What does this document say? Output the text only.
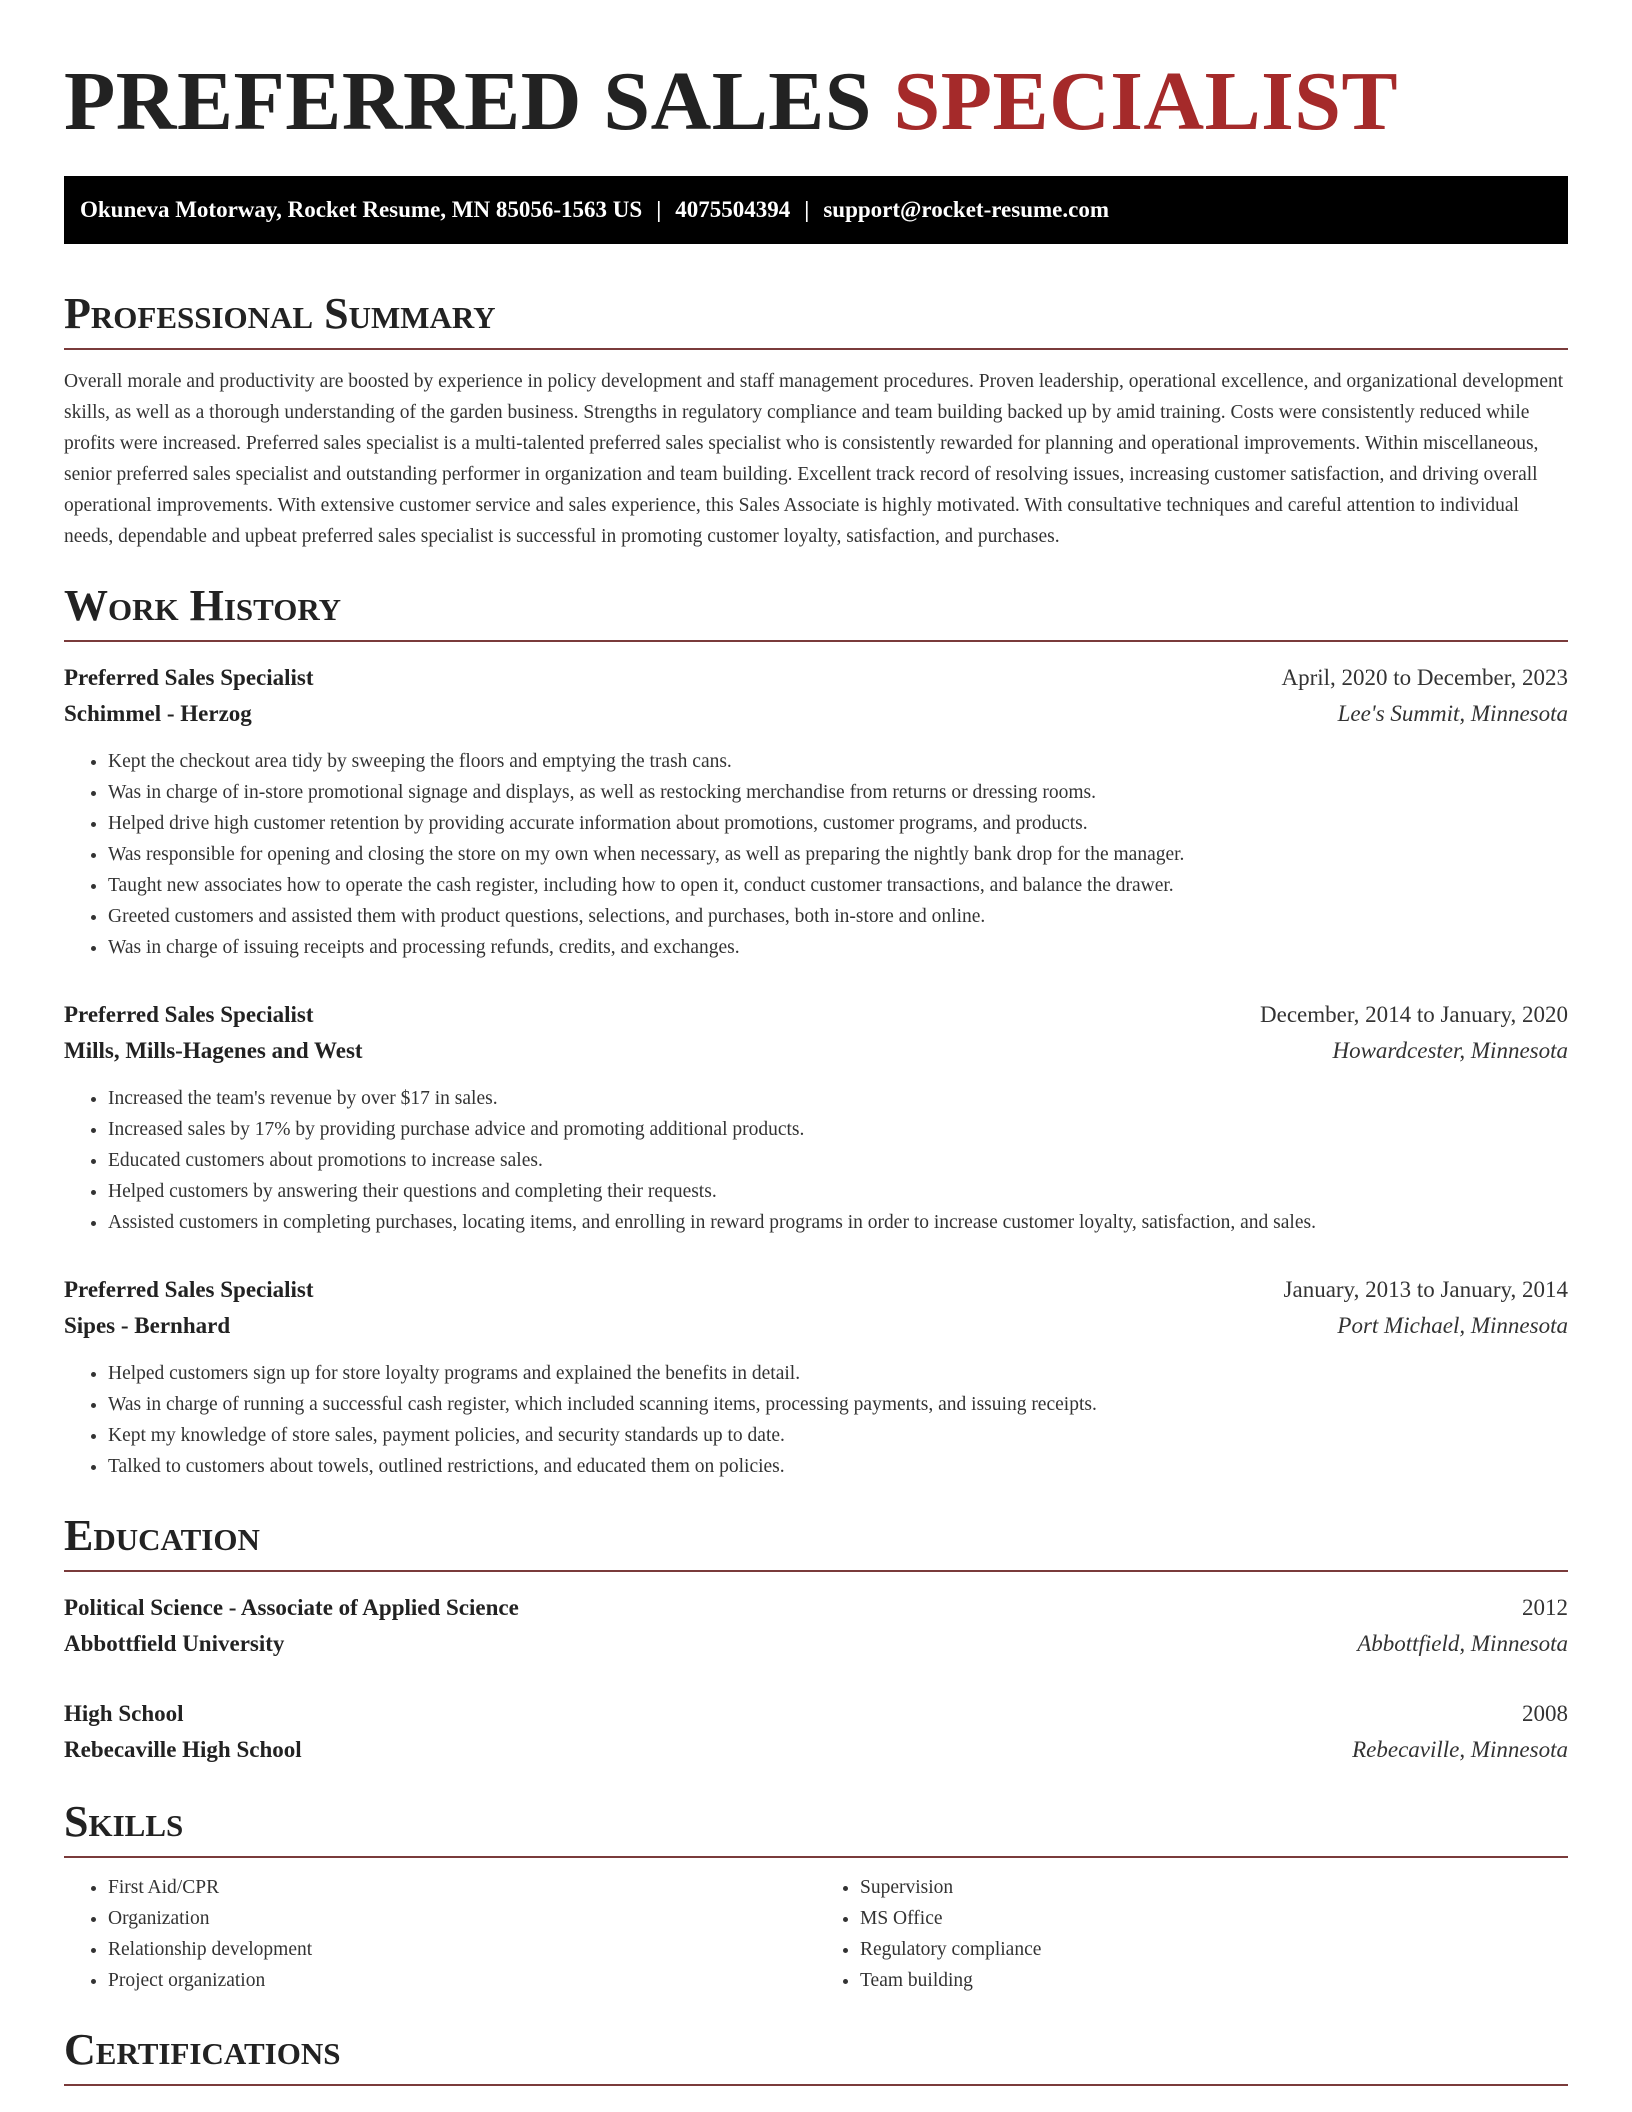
PREFERRED SALES SPECIALIST
Okuneva Motorway, Rocket Resume, MN 85056-1563 US | 4075504394 | support@rocket-resume.com
Professional Summary

Overall morale and productivity are boosted by experience in policy development and staff management procedures. Proven leadership, operational excellence, and organizational development skills, as well as a thorough understanding of the garden business. Strengths in regulatory compliance and team building backed up by amid training. Costs were consistently reduced while profits were increased. Preferred sales specialist is a multi-talented preferred sales specialist who is consistently rewarded for planning and operational improvements. Within miscellaneous, senior preferred sales specialist and outstanding performer in organization and team building. Excellent track record of resolving issues, increasing customer satisfaction, and driving overall operational improvements. With extensive customer service and sales experience, this Sales Associate is highly motivated. With consultative techniques and careful attention to individual needs, dependable and upbeat preferred sales specialist is successful in promoting customer loyalty, satisfaction, and purchases.

Work History
Preferred Sales Specialist	April, 2020 to December, 2023
Schimmel - Herzog	Lee's Summit, Minnesota
• Kept the checkout area tidy by sweeping the floors and emptying the trash cans.
• Was in charge of in-store promotional signage and displays, as well as restocking merchandise from returns or dressing rooms.
• Helped drive high customer retention by providing accurate information about promotions, customer programs, and products.
• Was responsible for opening and closing the store on my own when necessary, as well as preparing the nightly bank drop for the manager.
• Taught new associates how to operate the cash register, including how to open it, conduct customer transactions, and balance the drawer.
• Greeted customers and assisted them with product questions, selections, and purchases, both in-store and online.
• Was in charge of issuing receipts and processing refunds, credits, and exchanges.
Preferred Sales Specialist	December, 2014 to January, 2020
Mills, Mills-Hagenes and West	Howardcester, Minnesota
• Increased the team's revenue by over $17 in sales.
• Increased sales by 17% by providing purchase advice and promoting additional products.
• Educated customers about promotions to increase sales.
• Helped customers by answering their questions and completing their requests.
• Assisted customers in completing purchases, locating items, and enrolling in reward programs in order to increase customer loyalty, satisfaction, and sales.
Preferred Sales Specialist	January, 2013 to January, 2014
Sipes - Bernhard	Port Michael, Minnesota
• Helped customers sign up for store loyalty programs and explained the benefits in detail.
• Was in charge of running a successful cash register, which included scanning items, processing payments, and issuing receipts.
• Kept my knowledge of store sales, payment policies, and security standards up to date.
• Talked to customers about towels, outlined restrictions, and educated them on policies.
Education
Political Science - Associate of Applied Science	2012
Abbottfield University	Abbottfield, Minnesota
High School	2008
Rebecaville High School	Rebecaville, Minnesota
Skills
• First Aid/CPR
• Organization
• Relationship development
• Project organization
• Supervision
• MS Office
• Regulatory compliance
• Team building
Certifications
